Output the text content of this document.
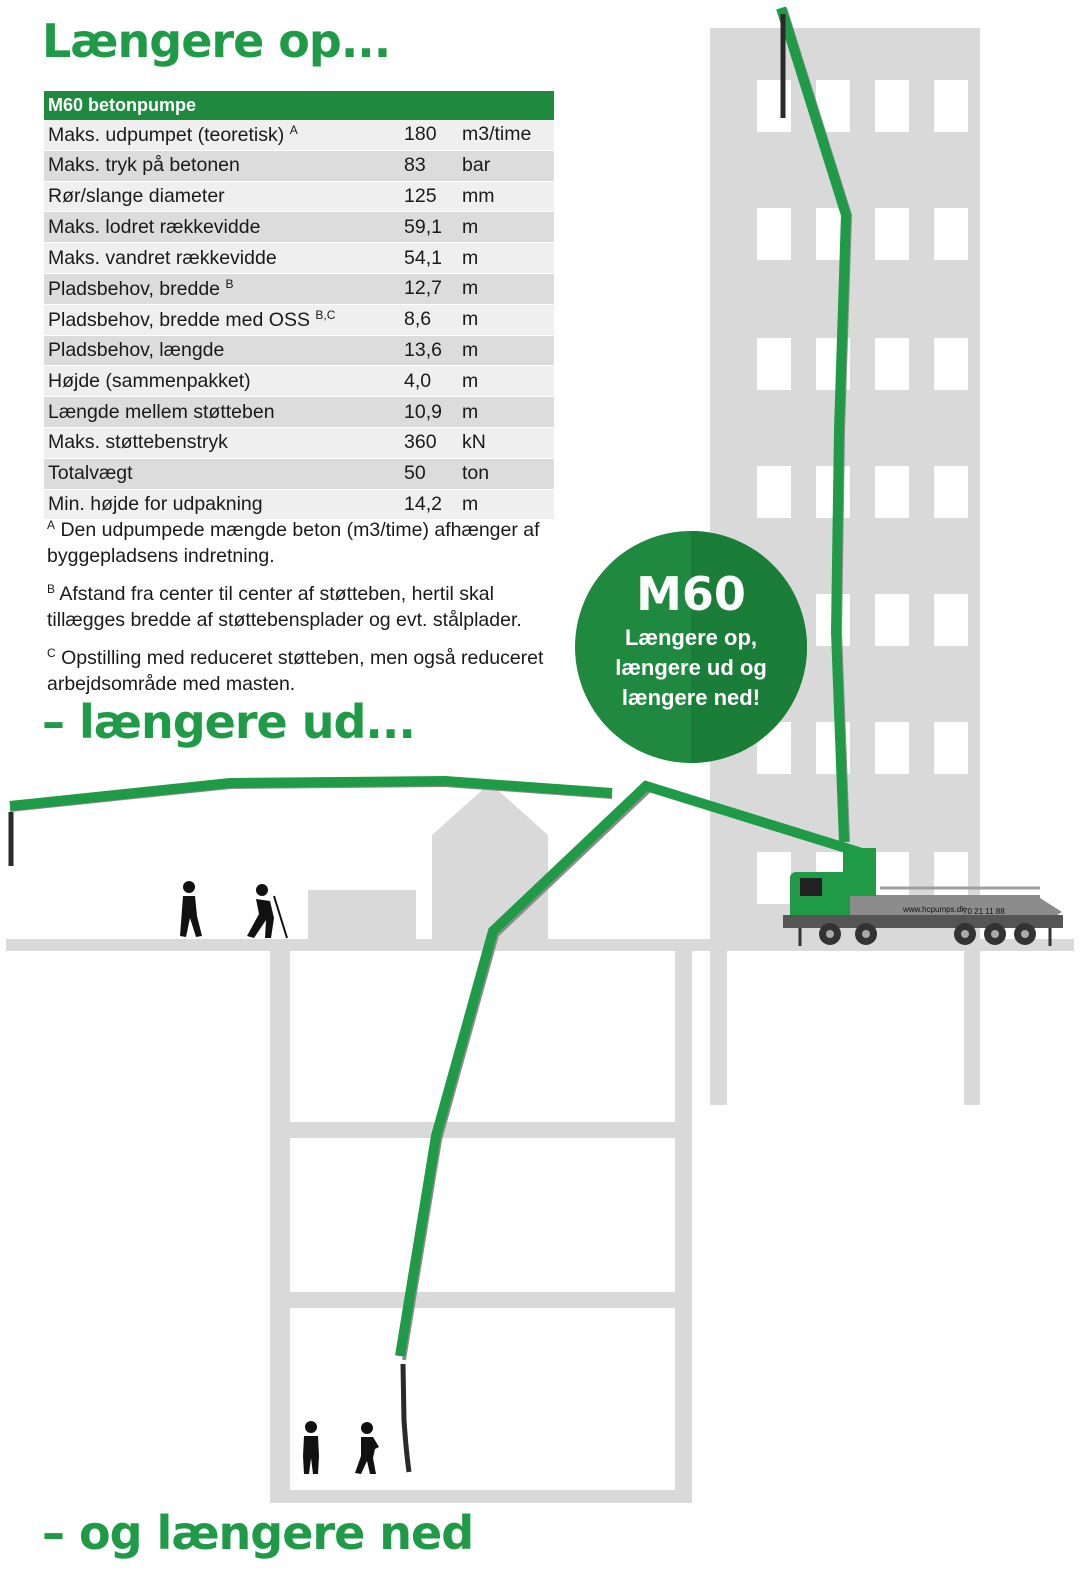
www.hcpumps.dk
70 21 11 88
Længere op...
M60 betonpumpe		
Maks. udpumpet (teoretisk) $^A$	180	m3/time
Maks. tryk på betonen	83	bar
Rør/slange diameter	125	mm
Maks. lodret rækkevidde	59,1	m
Maks. vandret rækkevidde	54,1	m
Pladsbehov, bredde $^B$	12,7	m
Pladsbehov, bredde med OSS $^{B,C}$	8,6	m
Pladsbehov, længde	13,6	m
Højde (sammenpakket)	4,0	m
Længde mellem støtteben	10,9	m
Maks. støttebenstryk	360	kN
Totalvægt	50	ton
Min. højde for udpakning	14,2	m

$^A$ Den udpumpede mængde beton (m3/time) afhænger af byggepladsens indretning.

$^B$ Afstand fra center til center af støtteben, hertil skal tillægges bredde af støttebensplader og evt. stålplader.

$^C$ Opstilling med reduceret støtteben, men også reduceret arbejdsområde med masten.

– længere ud...
M60
Længere op, længere ud og længere ned!
– og længere ned
